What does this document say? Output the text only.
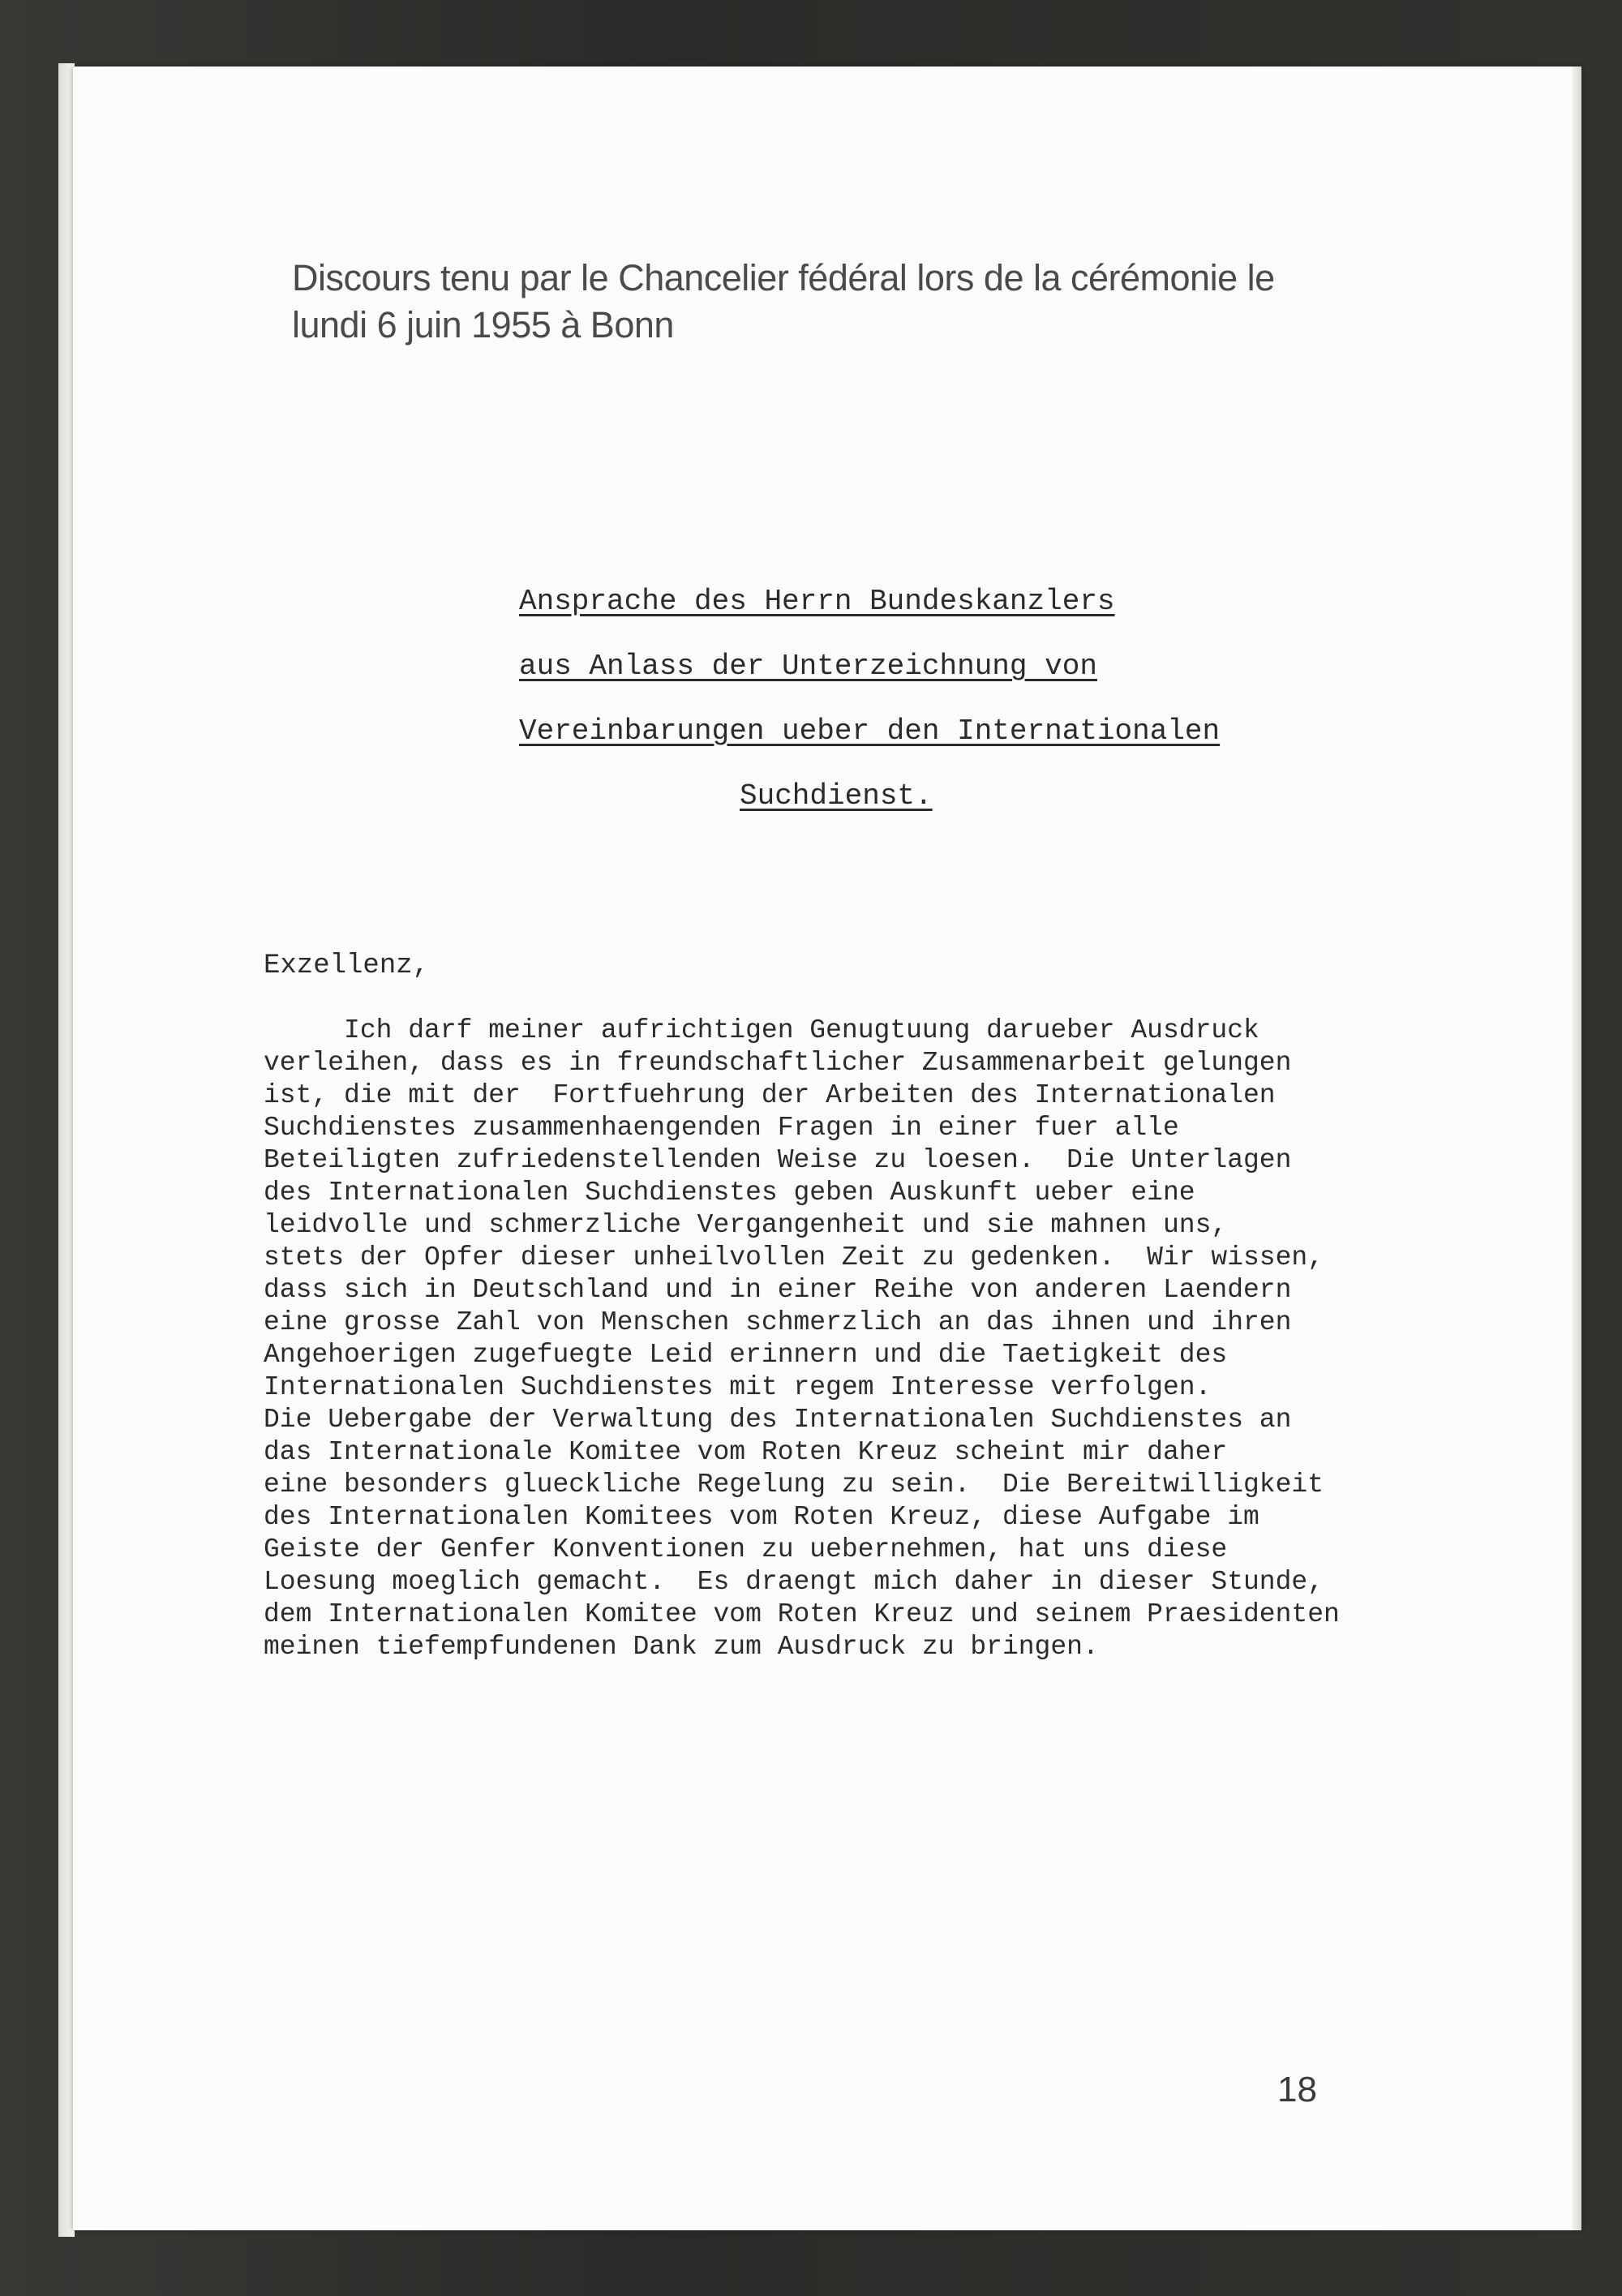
Discours tenu par le Chancelier fédéral lors de la cérémonie le
lundi 6 juin 1955 à Bonn
Ansprache des Herrn Bundeskanzlers
aus Anlass der Unterzeichnung von
Vereinbarungen ueber den Internationalen
Suchdienst.
Exzellenz,
Ich darf meiner aufrichtigen Genugtuung darueber Ausdruck
verleihen, dass es in freundschaftlicher Zusammenarbeit gelungen
ist, die mit der  Fortfuehrung der Arbeiten des Internationalen
Suchdienstes zusammenhaengenden Fragen in einer fuer alle
Beteiligten zufriedenstellenden Weise zu loesen.  Die Unterlagen
des Internationalen Suchdienstes geben Auskunft ueber eine
leidvolle und schmerzliche Vergangenheit und sie mahnen uns,
stets der Opfer dieser unheilvollen Zeit zu gedenken.  Wir wissen,
dass sich in Deutschland und in einer Reihe von anderen Laendern
eine grosse Zahl von Menschen schmerzlich an das ihnen und ihren
Angehoerigen zugefuegte Leid erinnern und die Taetigkeit des
Internationalen Suchdienstes mit regem Interesse verfolgen.
Die Uebergabe der Verwaltung des Internationalen Suchdienstes an
das Internationale Komitee vom Roten Kreuz scheint mir daher
eine besonders glueckliche Regelung zu sein.  Die Bereitwilligkeit
des Internationalen Komitees vom Roten Kreuz, diese Aufgabe im
Geiste der Genfer Konventionen zu uebernehmen, hat uns diese
Loesung moeglich gemacht.  Es draengt mich daher in dieser Stunde,
dem Internationalen Komitee vom Roten Kreuz und seinem Praesidenten
meinen tiefempfundenen Dank zum Ausdruck zu bringen.
18
